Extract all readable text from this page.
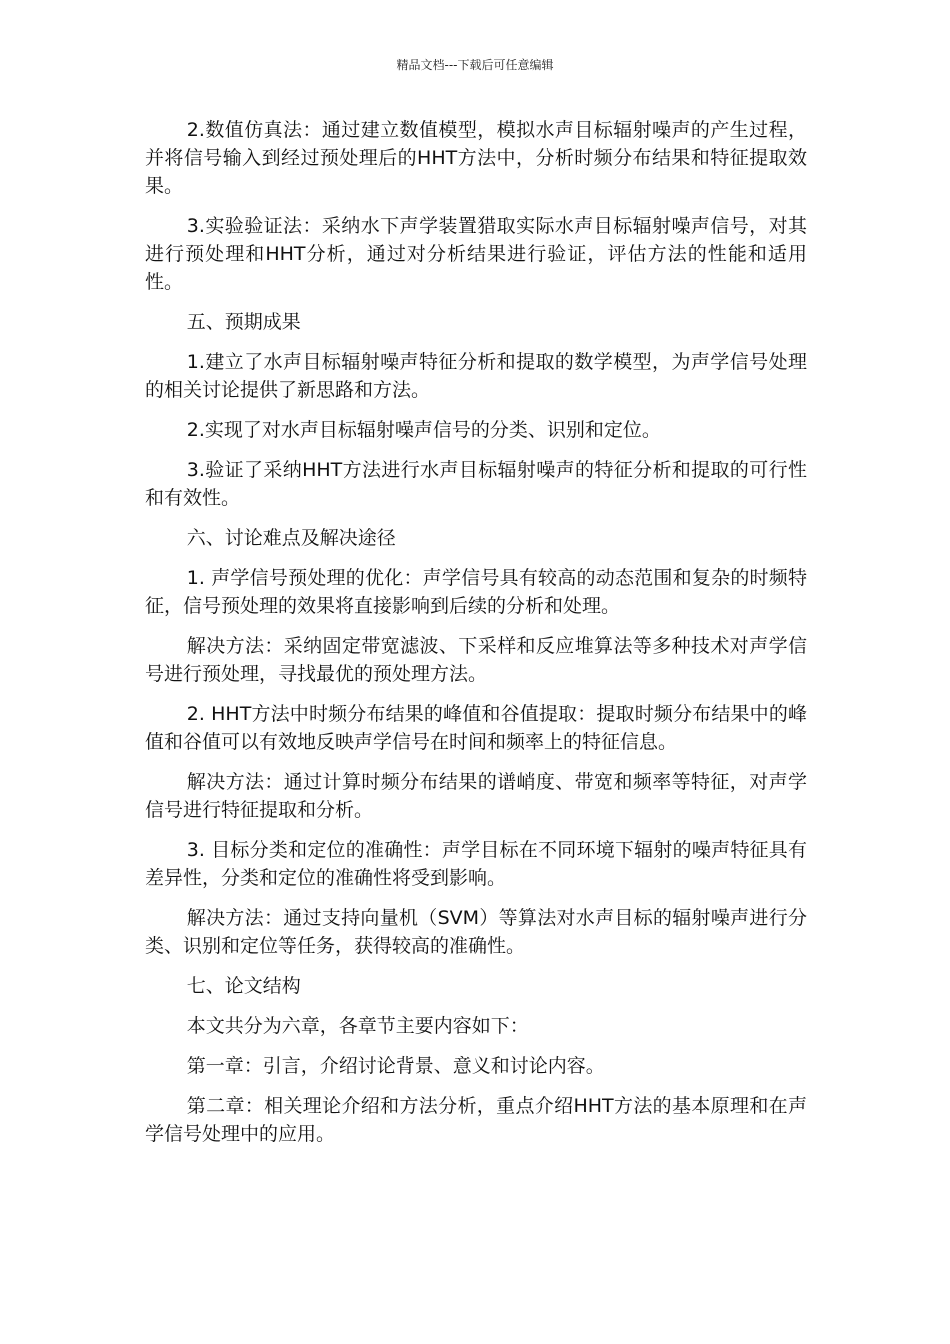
精品文档---下载后可任意编辑

2.数值仿真法：通过建立数值模型，模拟水声目标辐射噪声的产生过程，并将信号输入到经过预处理后的HHT方法中，分析时频分布结果和特征提取效果。

3.实验验证法：采纳水下声学装置猎取实际水声目标辐射噪声信号，对其进行预处理和HHT分析，通过对分析结果进行验证，评估方法的性能和适用性。

五、预期成果

1.建立了水声目标辐射噪声特征分析和提取的数学模型，为声学信号处理的相关讨论提供了新思路和方法。

2.实现了对水声目标辐射噪声信号的分类、识别和定位。

3.验证了采纳HHT方法进行水声目标辐射噪声的特征分析和提取的可行性和有效性。

六、讨论难点及解决途径

1. 声学信号预处理的优化：声学信号具有较高的动态范围和复杂的时频特征，信号预处理的效果将直接影响到后续的分析和处理。

解决方法：采纳固定带宽滤波、下采样和反应堆算法等多种技术对声学信号进行预处理，寻找最优的预处理方法。

2. HHT方法中时频分布结果的峰值和谷值提取：提取时频分布结果中的峰值和谷值可以有效地反映声学信号在时间和频率上的特征信息。

解决方法：通过计算时频分布结果的谱峭度、带宽和频率等特征，对声学信号进行特征提取和分析。

3. 目标分类和定位的准确性：声学目标在不同环境下辐射的噪声特征具有差异性，分类和定位的准确性将受到影响。

解决方法：通过支持向量机（SVM）等算法对水声目标的辐射噪声进行分类、识别和定位等任务，获得较高的准确性。

七、论文结构

本文共分为六章，各章节主要内容如下：

第一章：引言，介绍讨论背景、意义和讨论内容。

第二章：相关理论介绍和方法分析，重点介绍HHT方法的基本原理和在声学信号处理中的应用。
